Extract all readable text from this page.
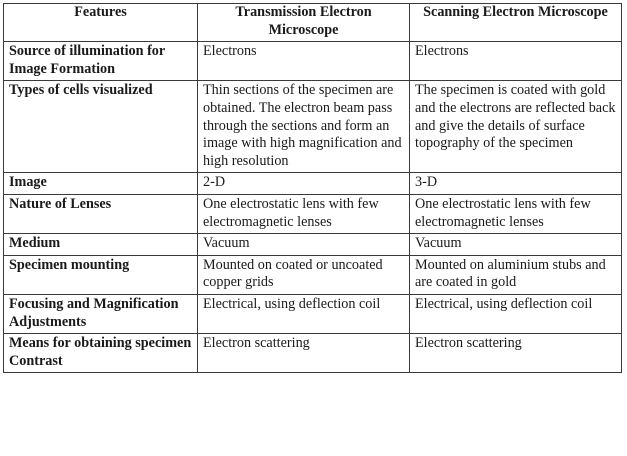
Features	Transmission Electron Microscope	Scanning Electron Microscope
Source of illumination for Image Formation	Electrons	Electrons
Types of cells visualized	Thin sections of the specimen are obtained. The electron beam pass through the sections and form an image with high magnification and high resolution	The specimen is coated with gold and the electrons are reflected back and give the details of surface topography of the specimen
Image	2-D	3-D
Nature of Lenses	One electrostatic lens with few electromagnetic lenses	One electrostatic lens with few electromagnetic lenses
Medium	Vacuum	Vacuum
Specimen mounting	Mounted on coated or uncoated copper grids	Mounted on aluminium stubs and are coated in gold
Focusing and Magnification Adjustments	Electrical, using deflection coil	Electrical, using deflection coil
Means for obtaining specimen Contrast	Electron scattering	Electron scattering
